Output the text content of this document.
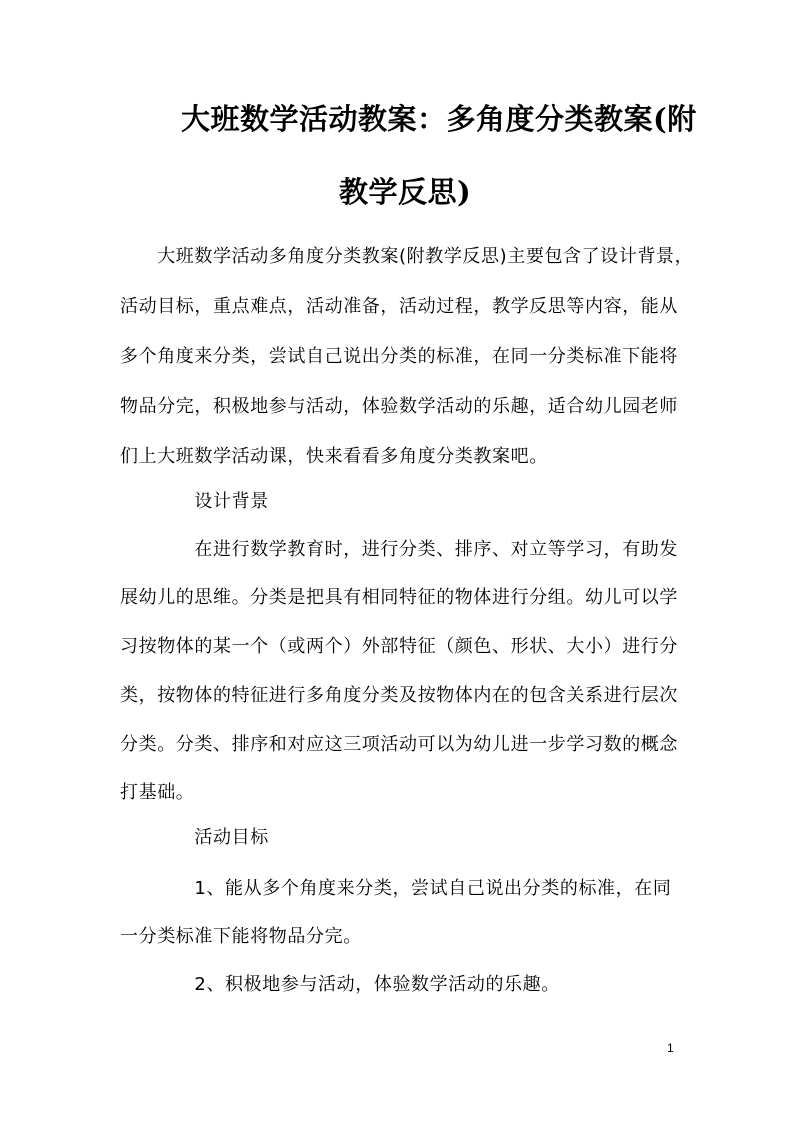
大班数学活动教案：多角度分类教案(附
教学反思)
　　大班数学活动多角度分类教案(附教学反思)主要包含了设计背景，
活动目标，重点难点，活动准备，活动过程，教学反思等内容，能从
多个角度来分类，尝试自己说出分类的标准，在同一分类标准下能将
物品分完，积极地参与活动，体验数学活动的乐趣，适合幼儿园老师
们上大班数学活动课，快来看看多角度分类教案吧。
　　　　设计背景
　　　　在进行数学教育时，进行分类、排序、对立等学习，有助发
展幼儿的思维。分类是把具有相同特征的物体进行分组。幼儿可以学
习按物体的某一个（或两个）外部特征（颜色、形状、大小）进行分
类，按物体的特征进行多角度分类及按物体内在的包含关系进行层次
分类。分类、排序和对应这三项活动可以为幼儿进一步学习数的概念
打基础。
　　　　活动目标
　　　　1、能从多个角度来分类，尝试自己说出分类的标准，在同
一分类标准下能将物品分完。
　　　　2、积极地参与活动，体验数学活动的乐趣。
1
